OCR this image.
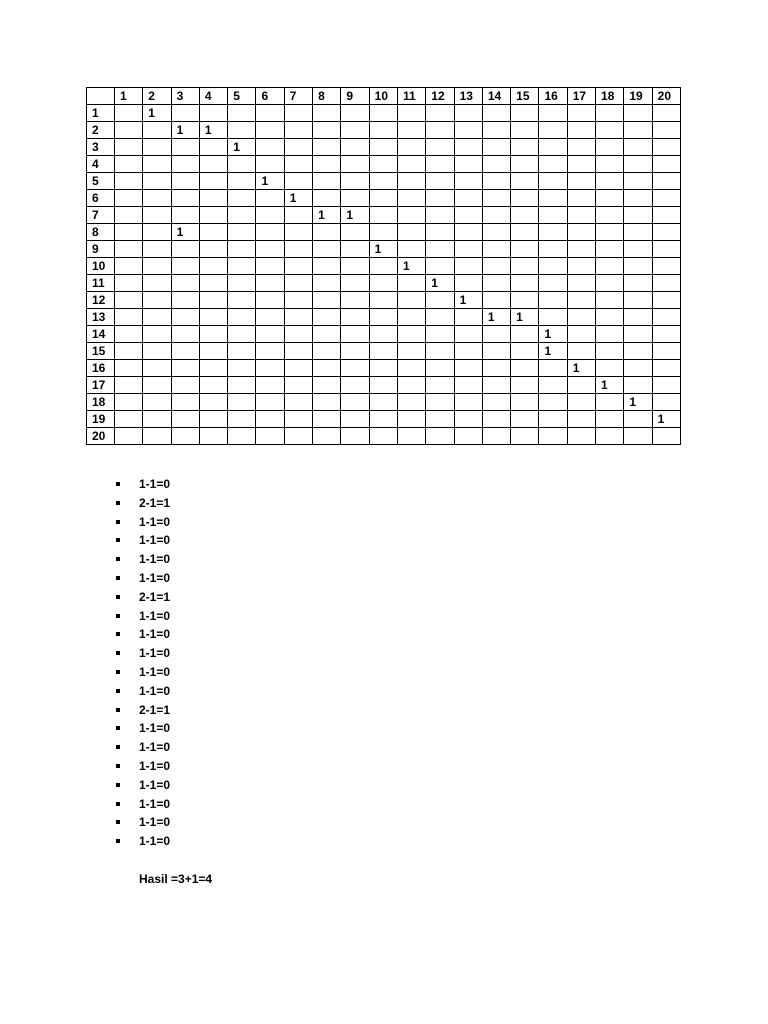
	1	2	3	4	5	6	7	8	9	10	11	12	13	14	15	16	17	18	19	20
1		1																		
2			1	1																
3					1															
4																				
5						1														
6							1													
7								1	1											
8			1																	
9										1										
10											1									
11												1								
12													1							
13														1	1					
14																1				
15																1				
16																	1			
17																		1		
18																			1	
19																				1
20																				
1-1=0
2-1=1
1-1=0
1-1=0
1-1=0
1-1=0
2-1=1
1-1=0
1-1=0
1-1=0
1-1=0
1-1=0
2-1=1
1-1=0
1-1=0
1-1=0
1-1=0
1-1=0
1-1=0
1-1=0
Hasil =3+1=4
